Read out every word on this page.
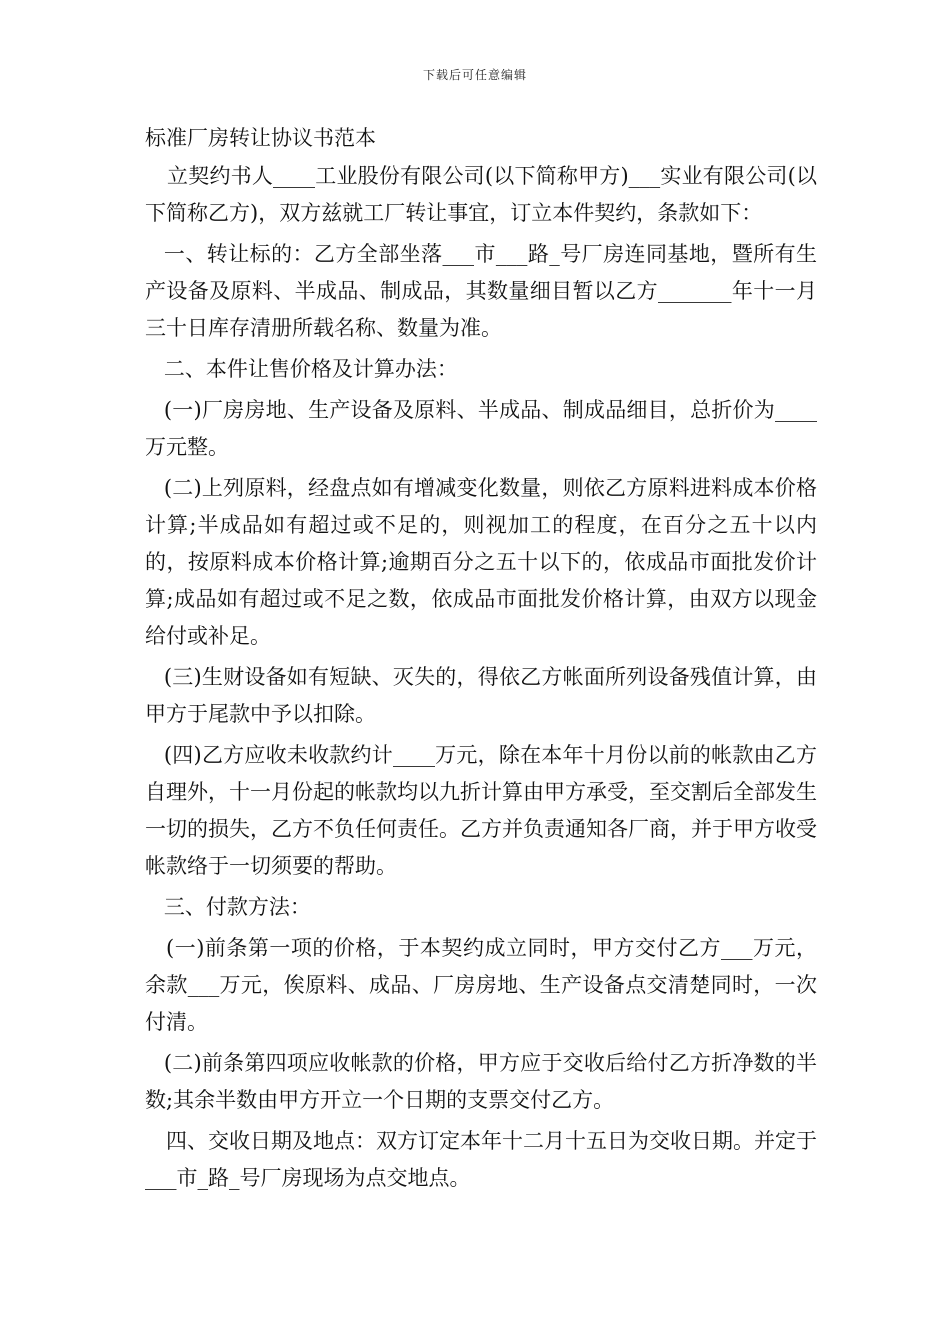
下载后可任意编辑

标准厂房转让协议书范本

立契约书人____工业股份有限公司(以下简称甲方)___实业有限公司(以下简称乙方)，双方兹就工厂转让事宜，订立本件契约，条款如下：

一、转让标的：乙方全部坐落___市___路_号厂房连同基地，暨所有生产设备及原料、半成品、制成品，其数量细目暂以乙方_______年十一月三十日库存清册所载名称、数量为准。

二、本件让售价格及计算办法：

(一)厂房房地、生产设备及原料、半成品、制成品细目，总折价为____万元整。

(二)上列原料，经盘点如有增减变化数量，则依乙方原料进料成本价格计算;半成品如有超过或不足的，则视加工的程度，在百分之五十以内的，按原料成本价格计算;逾期百分之五十以下的，依成品市面批发价计算;成品如有超过或不足之数，依成品市面批发价格计算，由双方以现金给付或补足。

(三)生财设备如有短缺、灭失的，得依乙方帐面所列设备残值计算，由甲方于尾款中予以扣除。

(四)乙方应收未收款约计____万元，除在本年十月份以前的帐款由乙方自理外，十一月份起的帐款均以九折计算由甲方承受，至交割后全部发生一切的损失，乙方不负任何责任。乙方并负责通知各厂商，并于甲方收受帐款络于一切须要的帮助。

三、付款方法：

(一)前条第一项的价格，于本契约成立同时，甲方交付乙方___万元，余款___万元，俟原料、成品、厂房房地、生产设备点交清楚同时，一次付清。

(二)前条第四项应收帐款的价格，甲方应于交收后给付乙方折净数的半数;其余半数由甲方开立一个日期的支票交付乙方。

四、交收日期及地点：双方订定本年十二月十五日为交收日期。并定于___市_路_号厂房现场为点交地点。
